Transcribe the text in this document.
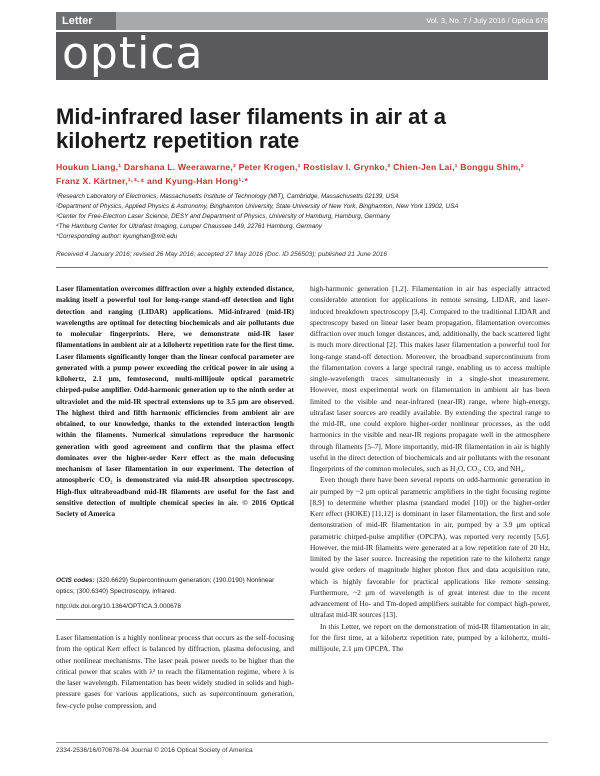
Letter	Vol. 3, No. 7 / July 2016 / Optica 678
optica
Mid-infrared laser filaments in air at a kilohertz repetition rate
Houkun Liang,¹ Darshana L. Weerawarne,² Peter Krogen,¹ Rostislav I. Grynko,² Chien-Jen Lai,¹ Bonggu Shim,² Franz X. Kärtner,¹·³·⁴ and Kyung-Han Hong¹·*
¹Research Laboratory of Electronics, Massachusetts Institute of Technology (MIT), Cambridge, Massachusetts 02139, USA
²Department of Physics, Applied Physics & Astronomy, Binghamton University, State University of New York, Binghamton, New York 13902, USA
³Center for Free-Electron Laser Science, DESY and Department of Physics, University of Hamburg, Hamburg, Germany
⁴The Hamburg Center for Ultrafast Imaging, Luruper Chaussee 149, 22761 Hamburg, Germany
*Corresponding author: kyunghan@mit.edu
Received 4 January 2016; revised 26 May 2016; accepted 27 May 2016 (Doc. ID 256503); published 21 June 2016
Laser filamentation overcomes diffraction over a highly extended distance, making itself a powerful tool for long-range stand-off detection and light detection and ranging (LIDAR) applications. Mid-infrared (mid-IR) wavelengths are optimal for detecting biochemicals and air pollutants due to molecular fingerprints. Here, we demonstrate mid-IR laser filamentations in ambient air at a kilohertz repetition rate for the first time. Laser filaments significantly longer than the linear confocal parameter are generated with a pump power exceeding the critical power in air using a kilohertz, 2.1 μm, femtosecond, multi-millijoule optical parametric chirped-pulse amplifier. Odd-harmonic generation up to the ninth order at ultraviolet and the mid-IR spectral extensions up to 3.5 μm are observed. The highest third and fifth harmonic efficiencies from ambient air are obtained, to our knowledge, thanks to the extended interaction length within the filaments. Numerical simulations reproduce the harmonic generation with good agreement and confirm that the plasma effect dominates over the higher-order Kerr effect as the main defocusing mechanism of laser filamentation in our experiment. The detection of atmospheric CO₂ is demonstrated via mid-IR absorption spectroscopy. High-flux ultrabroadband mid-IR filaments are useful for the fast and sensitive detection of multiple chemical species in air. © 2016 Optical Society of America
OCIS codes: (320.6629) Supercontinuum generation; (190.0190) Nonlinear optics; (300.6340) Spectroscopy, infrared.
http://dx.doi.org/10.1364/OPTICA.3.000678
Laser filamentation is a highly nonlinear process that occurs as the self-focusing from the optical Kerr effect is balanced by diffraction, plasma defocusing, and other nonlinear mechanisms. The laser peak power needs to be higher than the critical power that scales with λ² to reach the filamentation regime, where λ is the laser wavelength. Filamentation has been widely studied in solids and high-pressure gases for various applications, such as supercontinuum generation, few-cycle pulse compression, and

high-harmonic generation [1,2]. Filamentation in air has especially attracted considerable attention for applications in remote sensing, LIDAR, and laser-induced breakdown spectroscopy [3,4]. Compared to the traditional LIDAR and spectroscopy based on linear laser beam propagation, filamentation overcomes diffraction over much longer distances, and, additionally, the back scattered light is much more directional [2]. This makes laser filamentation a powerful tool for long-range stand-off detection. Moreover, the broadband supercontinuum from the filamentation covers a large spectral range, enabling us to access multiple single-wavelength traces simultaneously in a single-shot measurement. However, most experimental work on filamentation in ambient air has been limited to the visible and near-infrared (near-IR) range, where high-energy, ultrafast laser sources are readily available. By extending the spectral range to the mid-IR, one could explore higher-order nonlinear processes, as the odd harmonics in the visible and near-IR regions propagate well in the atmosphere through filaments [5–7]. More importantly, mid-IR filamentation in air is highly useful in the direct detection of biochemicals and air pollutants with the resonant fingerprints of the common molecules, such as H₂O, CO₂, CO, and NH₄.

Even though there have been several reports on odd-harmonic generation in air pumped by ~2 μm optical parametric amplifiers in the tight focusing regime [8,9] to determine whether plasma (standard model [10]) or the higher-order Kerr effect (HOKE) [11,12] is dominant in laser filamentation, the first and sole demonstration of mid-IR filamentation in air, pumped by a 3.9 μm optical parametric chirped-pulse amplifier (OPCPA), was reported very recently [5,6]. However, the mid-IR filaments were generated at a low repetition rate of 20 Hz, limited by the laser source. Increasing the repetition rate to the kilohertz range would give orders of magnitude higher photon flux and data acquisition rate, which is highly favorable for practical applications like remote sensing. Furthermore, ~2 μm of wavelength is of great interest due to the recent advancement of Ho- and Tm-doped amplifiers suitable for compact high-power, ultrafast mid-IR sources [13].

In this Letter, we report on the demonstration of mid-IR filamentation in air, for the first time, at a kilohertz repetition rate, pumped by a kilohertz, multi-millijoule, 2.1 μm OPCPA. The

2334-2536/16/070678-04 Journal © 2016 Optical Society of America
